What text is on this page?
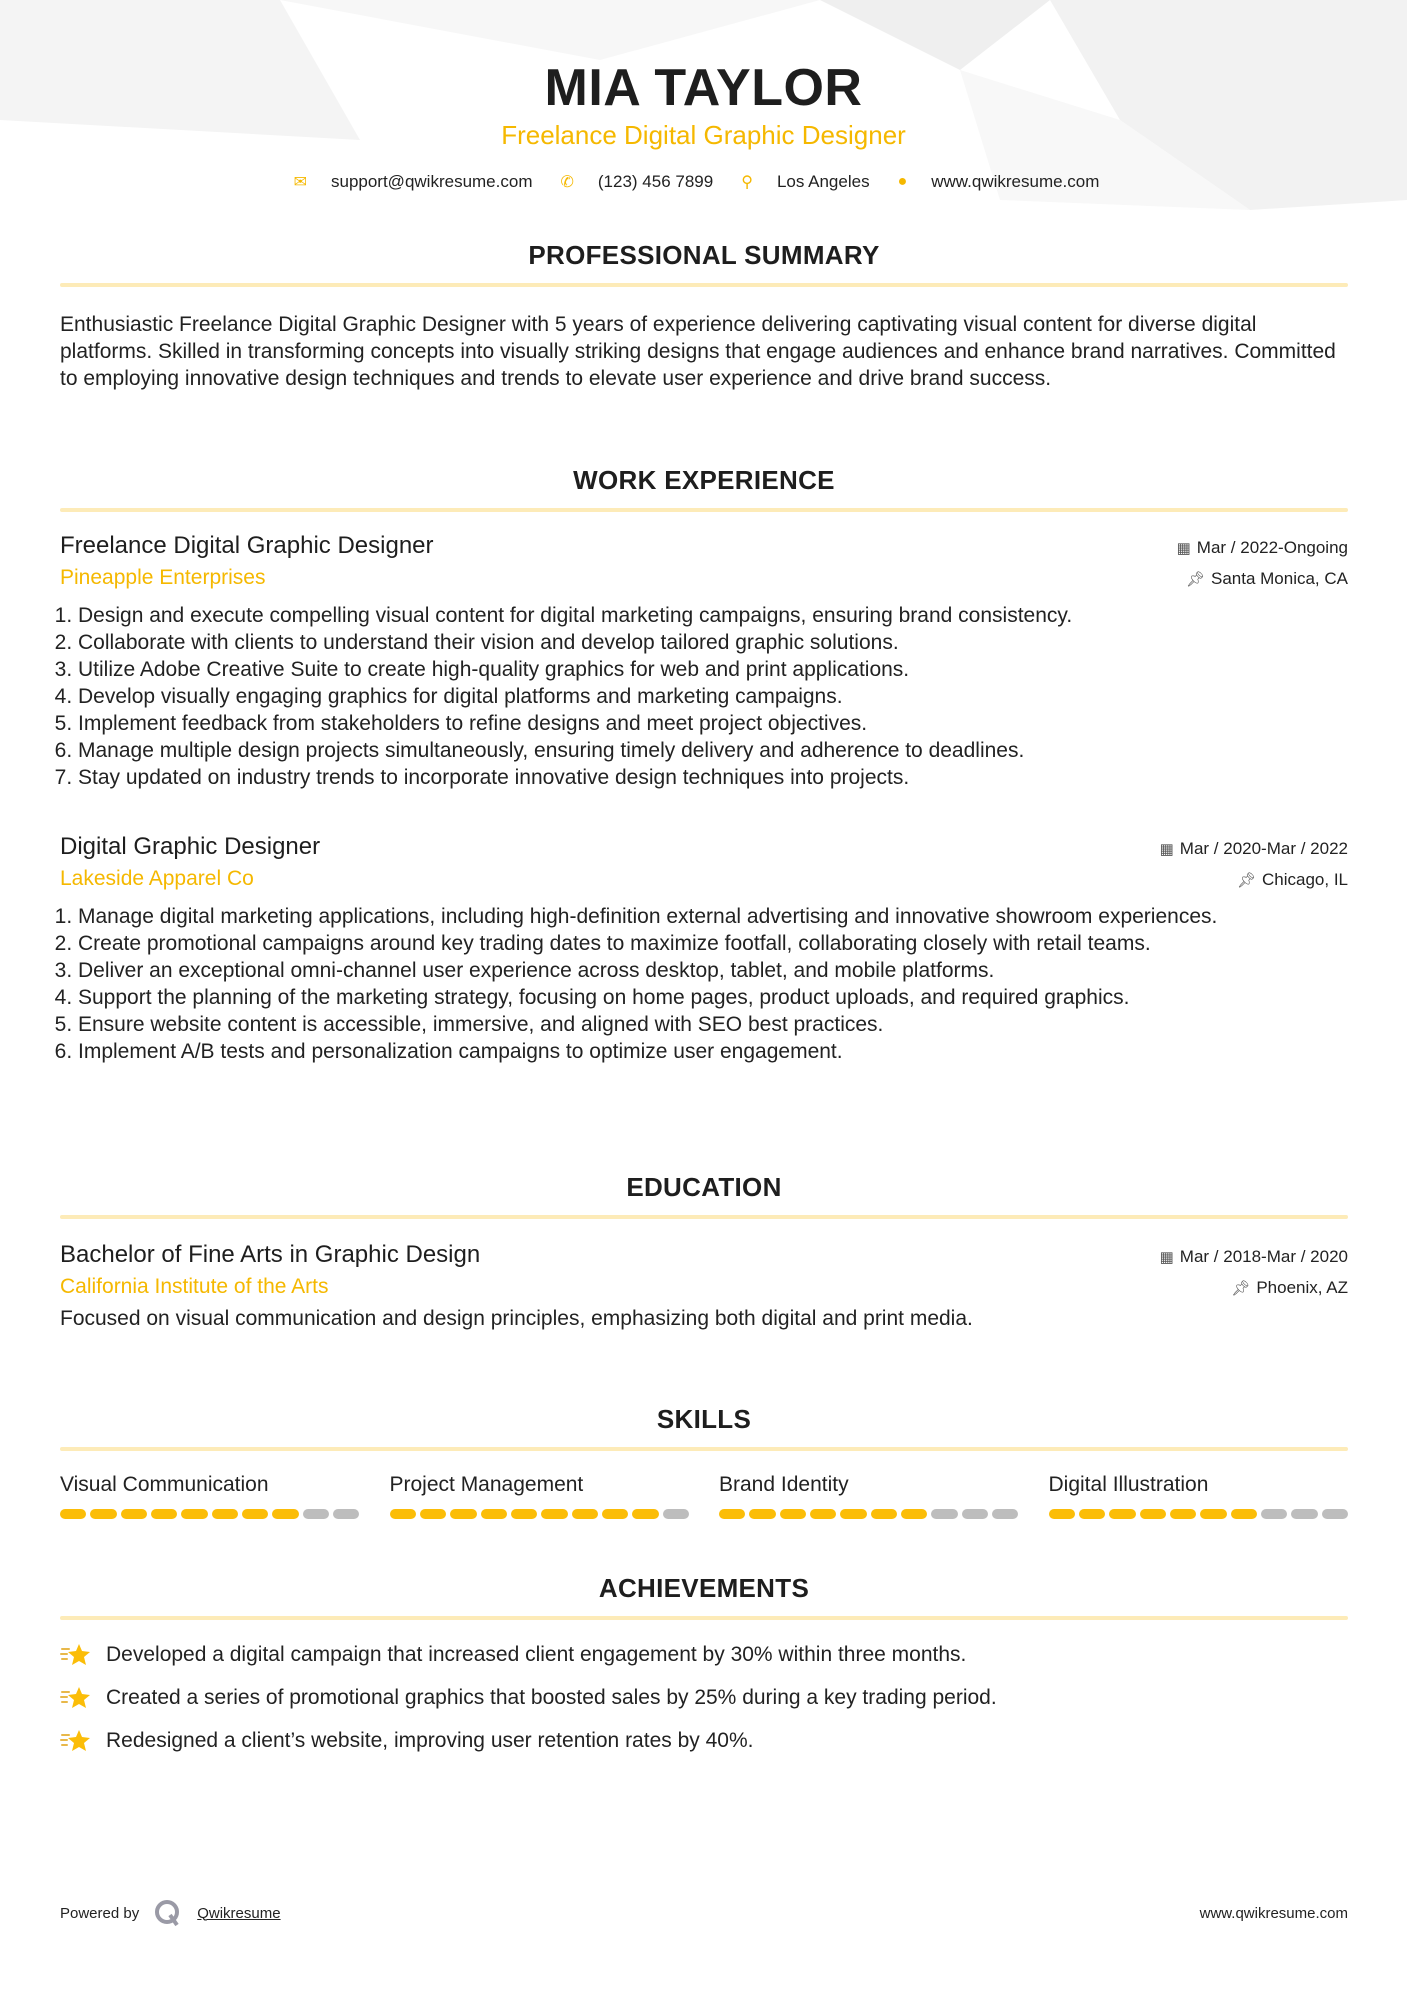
MIA TAYLOR
Freelance Digital Graphic Designer
✉ support@qwikresume.com ✆ (123) 456 7899 ⚲ Los Angeles ● www.qwikresume.com
PROFESSIONAL SUMMARY
Enthusiastic Freelance Digital Graphic Designer with 5 years of experience delivering captivating visual content for diverse digital platforms. Skilled in transforming concepts into visually striking designs that engage audiences and enhance brand narratives. Committed to employing innovative design techniques and trends to elevate user experience and drive brand success.
WORK EXPERIENCE
Freelance Digital Graphic Designer	▦ Mar / 2022-Ongoing
Pineapple Enterprises	📌︎ Santa Monica, CA
1. Design and execute compelling visual content for digital marketing campaigns, ensuring brand consistency.
2. Collaborate with clients to understand their vision and develop tailored graphic solutions.
3. Utilize Adobe Creative Suite to create high-quality graphics for web and print applications.
4. Develop visually engaging graphics for digital platforms and marketing campaigns.
5. Implement feedback from stakeholders to refine designs and meet project objectives.
6. Manage multiple design projects simultaneously, ensuring timely delivery and adherence to deadlines.
7. Stay updated on industry trends to incorporate innovative design techniques into projects.
Digital Graphic Designer	▦ Mar / 2020-Mar / 2022
Lakeside Apparel Co	📌︎ Chicago, IL
1. Manage digital marketing applications, including high-definition external advertising and innovative showroom experiences.
2. Create promotional campaigns around key trading dates to maximize footfall, collaborating closely with retail teams.
3. Deliver an exceptional omni-channel user experience across desktop, tablet, and mobile platforms.
4. Support the planning of the marketing strategy, focusing on home pages, product uploads, and required graphics.
5. Ensure website content is accessible, immersive, and aligned with SEO best practices.
6. Implement A/B tests and personalization campaigns to optimize user engagement.
EDUCATION
Bachelor of Fine Arts in Graphic Design	▦ Mar / 2018-Mar / 2020
California Institute of the Arts	📌︎ Phoenix, AZ
Focused on visual communication and design principles, emphasizing both digital and print media.
SKILLS
Visual Communication	Project Management	Brand Identity	Digital Illustration
ACHIEVEMENTS
Developed a digital campaign that increased client engagement by 30% within three months.
Created a series of promotional graphics that boosted sales by 25% during a key trading period.
Redesigned a client’s website, improving user retention rates by 40%.
Powered by	Qwikresume	www.qwikresume.com
